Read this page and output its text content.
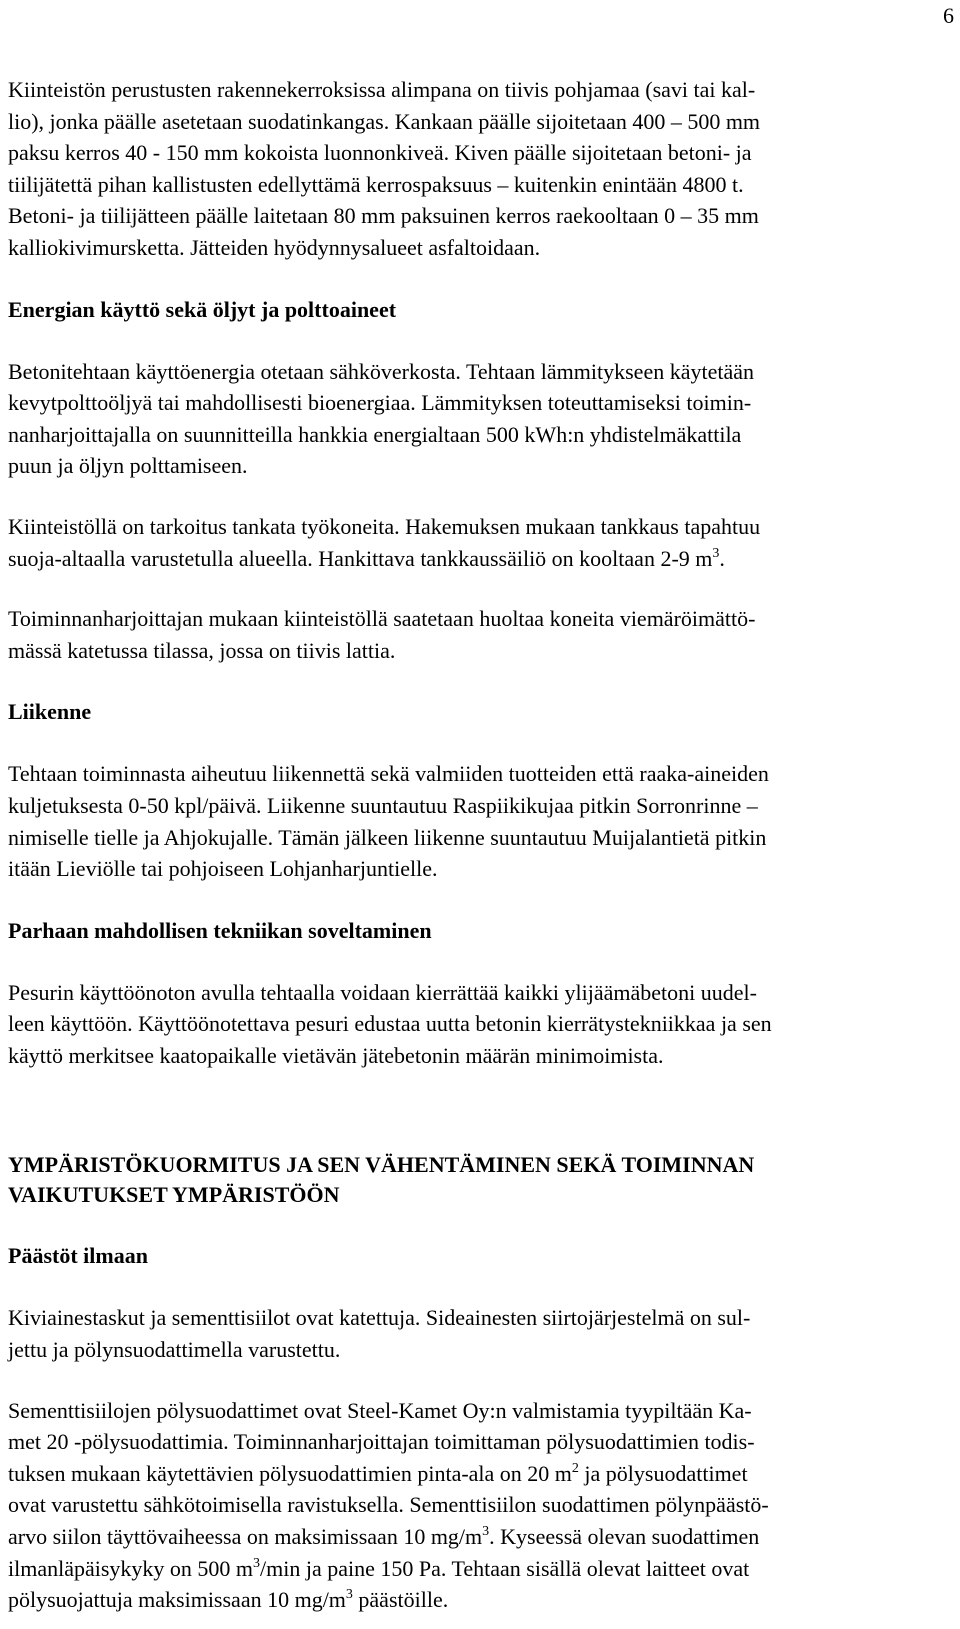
6

Kiinteistön perustusten rakennekerroksissa alimpana on tiivis pohjamaa (savi tai kal-
lio), jonka päälle asetetaan suodatinkangas. Kankaan päälle sijoitetaan 400 – 500 mm
paksu kerros 40 - 150 mm kokoista luonnonkiveä. Kiven päälle sijoitetaan betoni- ja
tiilijätettä pihan kallistusten edellyttämä kerrospaksuus – kuitenkin enintään 4800 t.
Betoni- ja tiilijätteen päälle laitetaan 80 mm paksuinen kerros raekooltaan 0 – 35 mm
kalliokivimursketta. Jätteiden hyödynnysalueet asfaltoidaan.

Energian käyttö sekä öljyt ja polttoaineet

Betonitehtaan käyttöenergia otetaan sähköverkosta. Tehtaan lämmitykseen käytetään
kevytpolttoöljyä tai mahdollisesti bioenergiaa. Lämmityksen toteuttamiseksi toimin-
nanharjoittajalla on suunnitteilla hankkia energialtaan 500 kWh:n yhdistelmäkattila
puun ja öljyn polttamiseen.

Kiinteistöllä on tarkoitus tankata työkoneita. Hakemuksen mukaan tankkaus tapahtuu
suoja-altaalla varustetulla alueella. Hankittava tankkaussäiliö on kooltaan 2-9 $m^3$.

Toiminnanharjoittajan mukaan kiinteistöllä saatetaan huoltaa koneita viemäröimättö-
mässä katetussa tilassa, jossa on tiivis lattia.

Liikenne

Tehtaan toiminnasta aiheutuu liikennettä sekä valmiiden tuotteiden että raaka-aineiden
kuljetuksesta 0-50 kpl/päivä. Liikenne suuntautuu Raspiikikujaa pitkin Sorronrinne –
nimiselle tielle ja Ahjokujalle. Tämän jälkeen liikenne suuntautuu Muijalantietä pitkin
itään Lieviölle tai pohjoiseen Lohjanharjuntielle.

Parhaan mahdollisen tekniikan soveltaminen

Pesurin käyttöönoton avulla tehtaalla voidaan kierrättää kaikki ylijäämäbetoni uudel-
leen käyttöön. Käyttöönotettava pesuri edustaa uutta betonin kierrätystekniikkaa ja sen
käyttö merkitsee kaatopaikalle vietävän jätebetonin määrän minimoimista.

YMPÄRISTÖKUORMITUS JA SEN VÄHENTÄMINEN SEKÄ TOIMINNAN
VAIKUTUKSET YMPÄRISTÖÖN
Päästöt ilmaan

Kiviainestaskut ja sementtisiilot ovat katettuja. Sideainesten siirtojärjestelmä on sul-
jettu ja pölynsuodattimella varustettu.

Sementtisiilojen pölysuodattimet ovat Steel-Kamet Oy:n valmistamia tyypiltään Ka-
met 20 -pölysuodattimia. Toiminnanharjoittajan toimittaman pölysuodattimien todis-
tuksen mukaan käytettävien pölysuodattimien pinta-ala on 20 $m^2$ ja pölysuodattimet
ovat varustettu sähkötoimisella ravistuksella. Sementtisiilon suodattimen pölynpäästö-
arvo siilon täyttövaiheessa on maksimissaan 10 $mg/m^3$. Kyseessä olevan suodattimen
ilmanläpäisykyky on 500 $m^3/\min$ ja paine 150 Pa. Tehtaan sisällä olevat laitteet ovat
pölysuojattuja maksimissaan 10 $mg/m^3$ päästöille.
